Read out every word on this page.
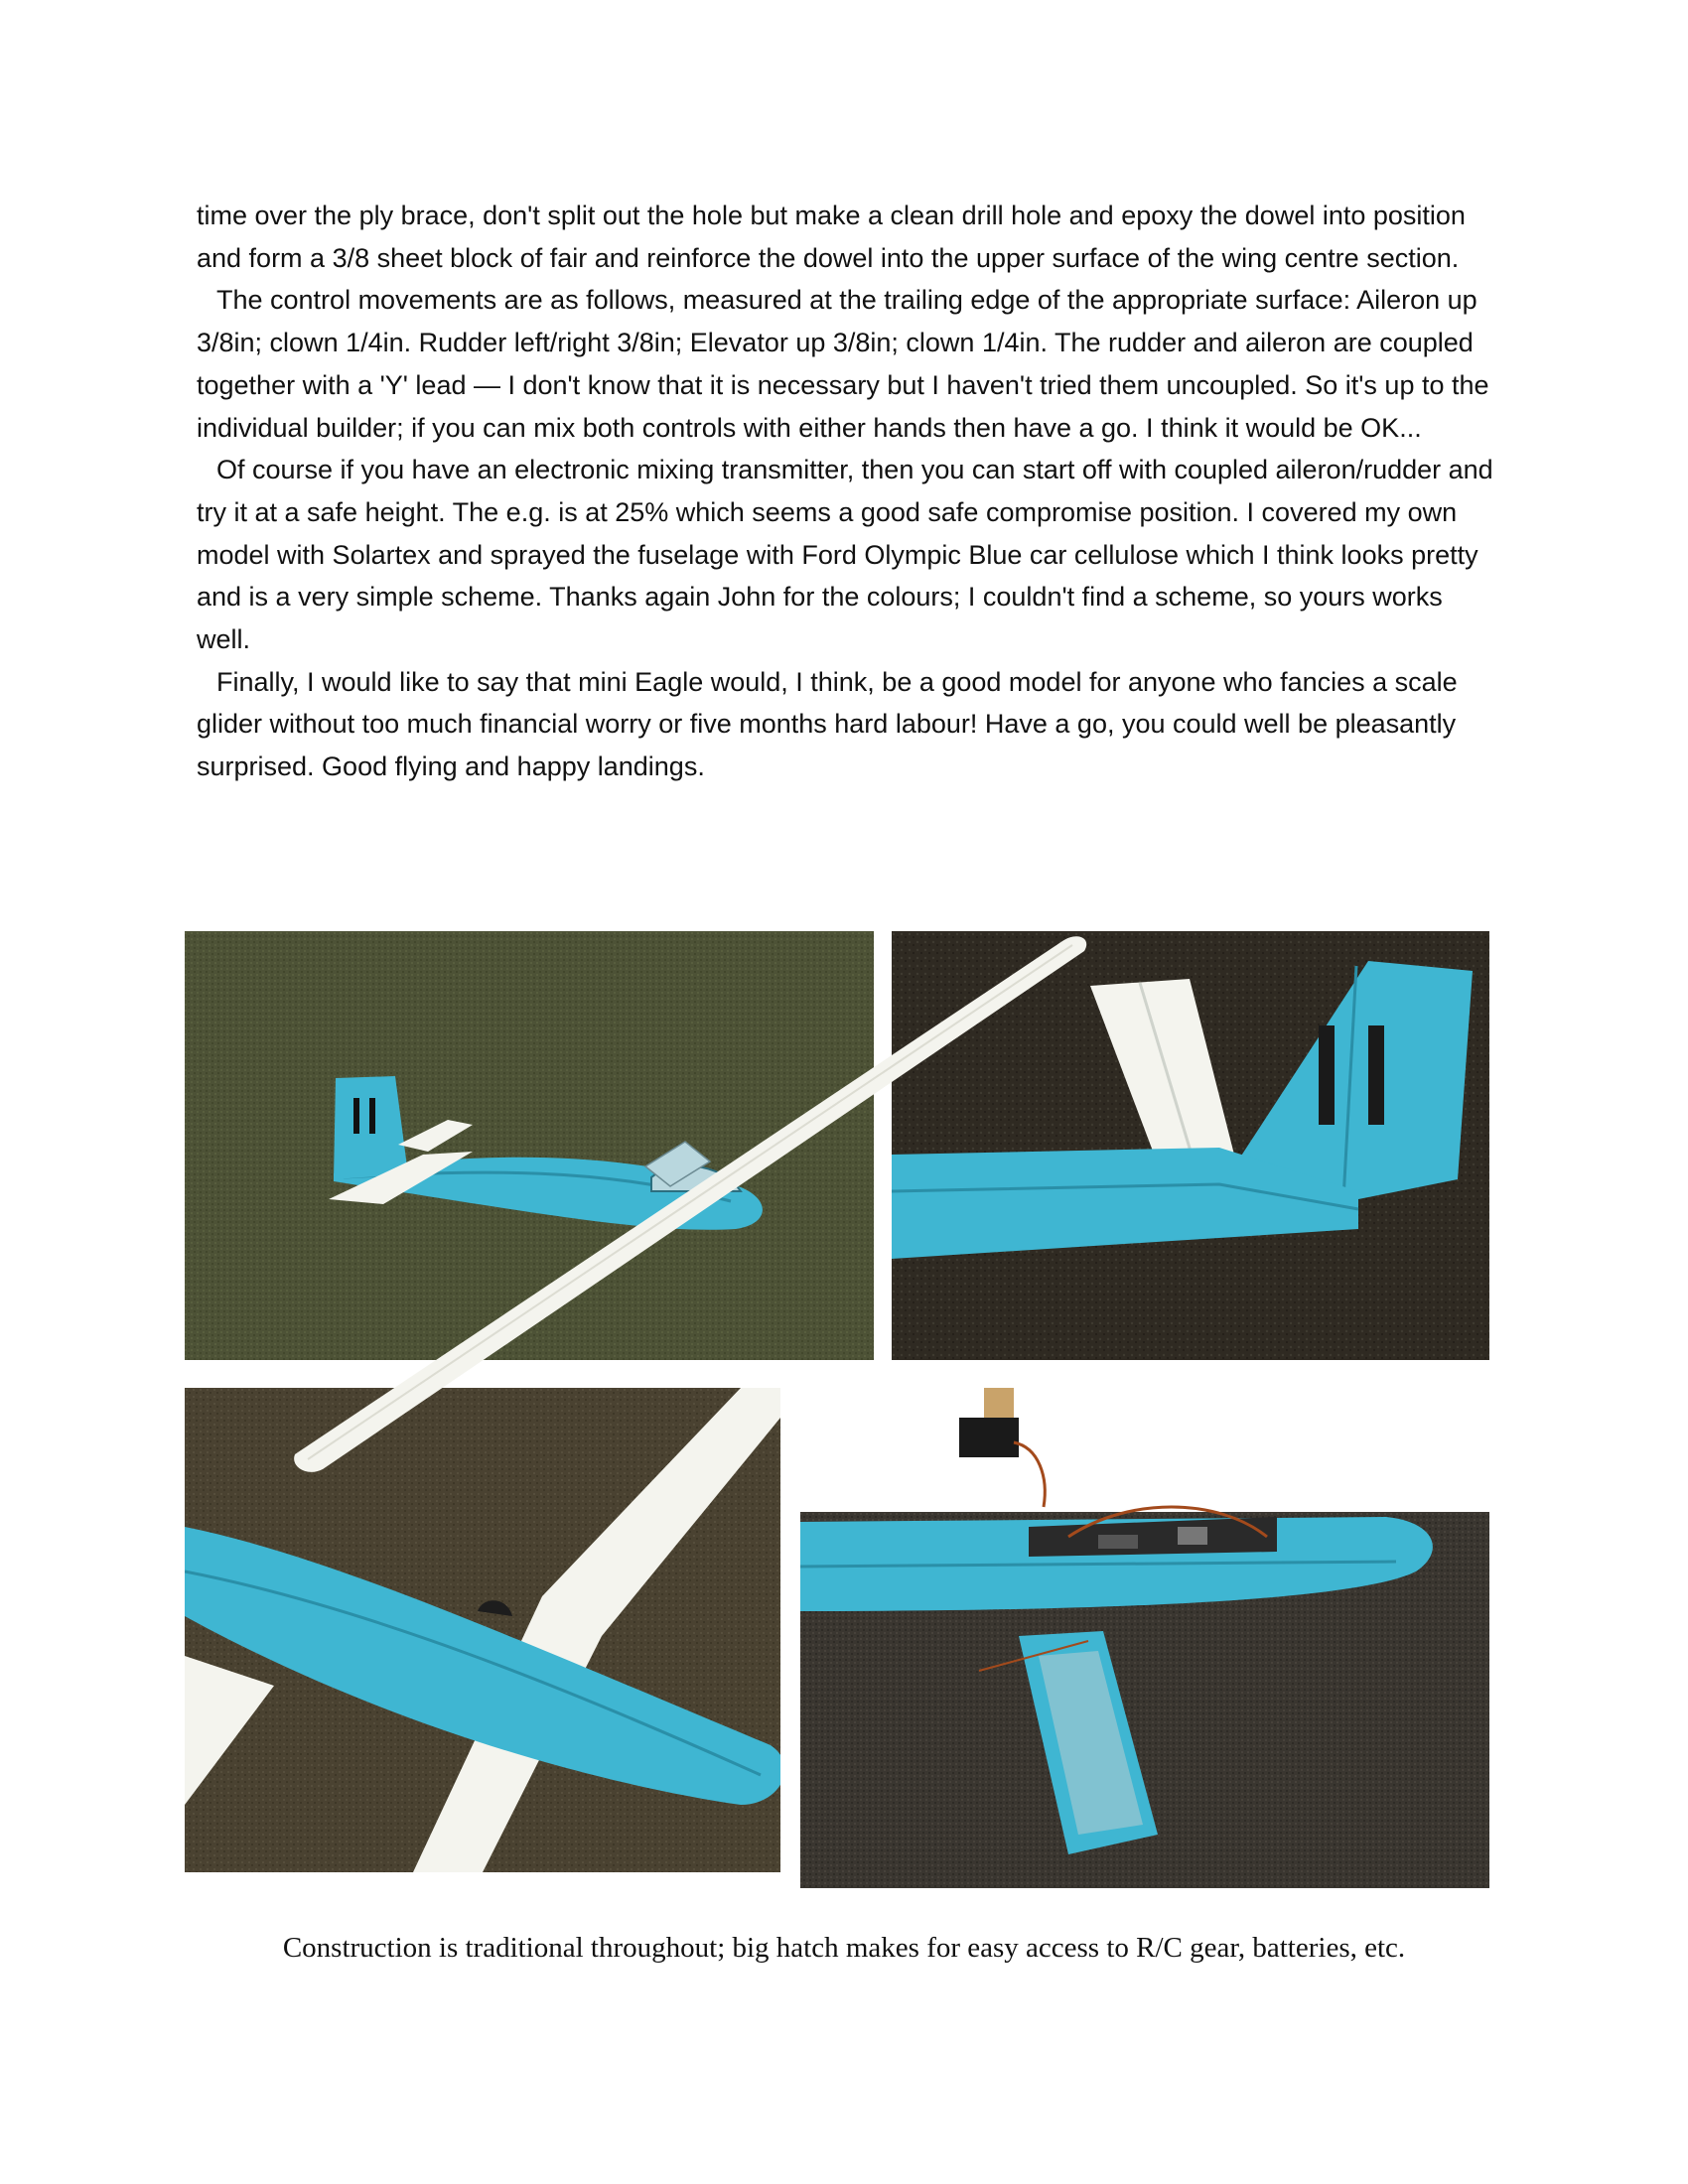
time over the ply brace, don't split out the hole but make a clean drill hole and epoxy the dowel into position and form a 3/8 sheet block of fair and reinforce the dowel into the upper surface of the wing centre section.

The control movements are as follows, measured at the trailing edge of the appropriate surface: Aileron up 3/8in; clown 1/4in. Rudder left/right 3/8in; Elevator up 3/8in; clown 1/4in. The rudder and aileron are coupled together with a 'Y' lead — I don't know that it is necessary but I haven't tried them uncoupled. So it's up to the individual builder; if you can mix both controls with either hands then have a go. I think it would be OK...

Of course if you have an electronic mixing transmitter, then you can start off with coupled aileron/rudder and try it at a safe height. The e.g. is at 25% which seems a good safe compromise position. I covered my own model with Solartex and sprayed the fuselage with Ford Olympic Blue car cellulose which I think looks pretty and is a very simple scheme. Thanks again John for the colours; I couldn't find a scheme, so yours works well.

Finally, I would like to say that mini Eagle would, I think, be a good model for anyone who fancies a scale glider without too much financial worry or five months hard labour! Have a go, you could well be pleasantly surprised. Good flying and happy landings.

Construction is traditional throughout; big hatch makes for easy access to R/C gear, batteries, etc.
